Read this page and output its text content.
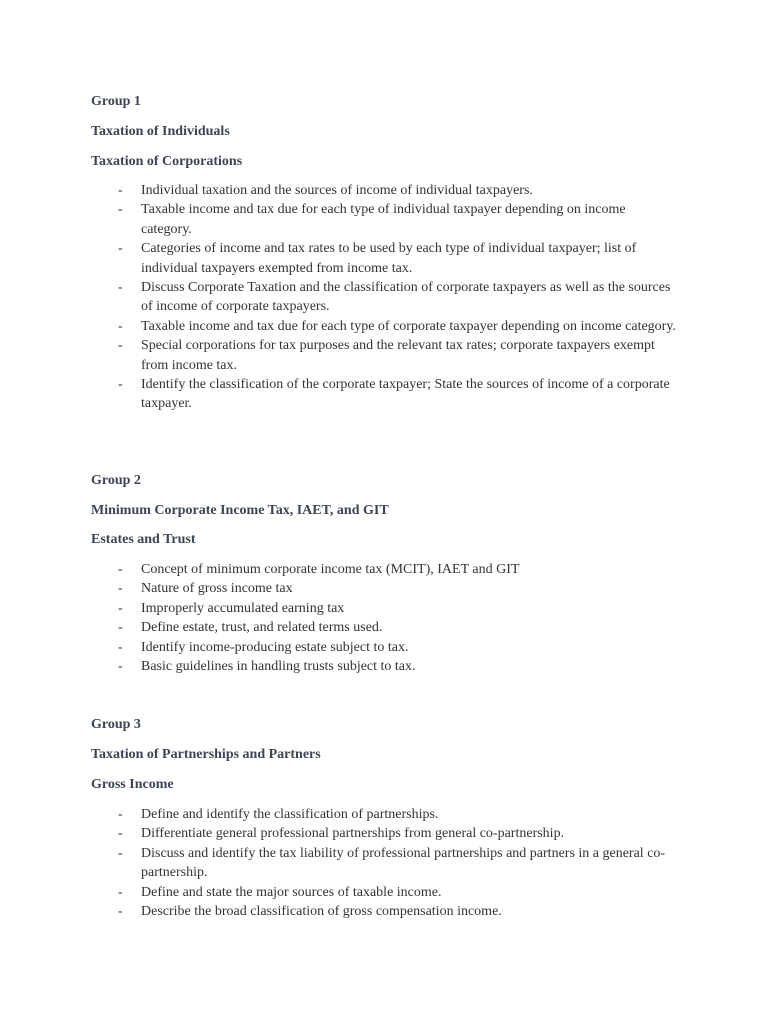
Group 1

Taxation of Individuals

Taxation of Corporations

- Individual taxation and the sources of income of individual taxpayers.
- Taxable income and tax due for each type of individual taxpayer depending on income category.
- Categories of income and tax rates to be used by each type of individual taxpayer; list of individual taxpayers exempted from income tax.
- Discuss Corporate Taxation and the classification of corporate taxpayers as well as the sources of income of corporate taxpayers.
- Taxable income and tax due for each type of corporate taxpayer depending on income category.
- Special corporations for tax purposes and the relevant tax rates; corporate taxpayers exempt from income tax.
- Identify the classification of the corporate taxpayer; State the sources of income of a corporate taxpayer.

Group 2

Minimum Corporate Income Tax, IAET, and GIT

Estates and Trust

- Concept of minimum corporate income tax (MCIT), IAET and GIT
- Nature of gross income tax
- Improperly accumulated earning tax
- Define estate, trust, and related terms used.
- Identify income-producing estate subject to tax.
- Basic guidelines in handling trusts subject to tax.

Group 3

Taxation of Partnerships and Partners

Gross Income

- Define and identify the classification of partnerships.
- Differentiate general professional partnerships from general co-partnership.
- Discuss and identify the tax liability of professional partnerships and partners in a general co-partnership.
- Define and state the major sources of taxable income.
- Describe the broad classification of gross compensation income.
